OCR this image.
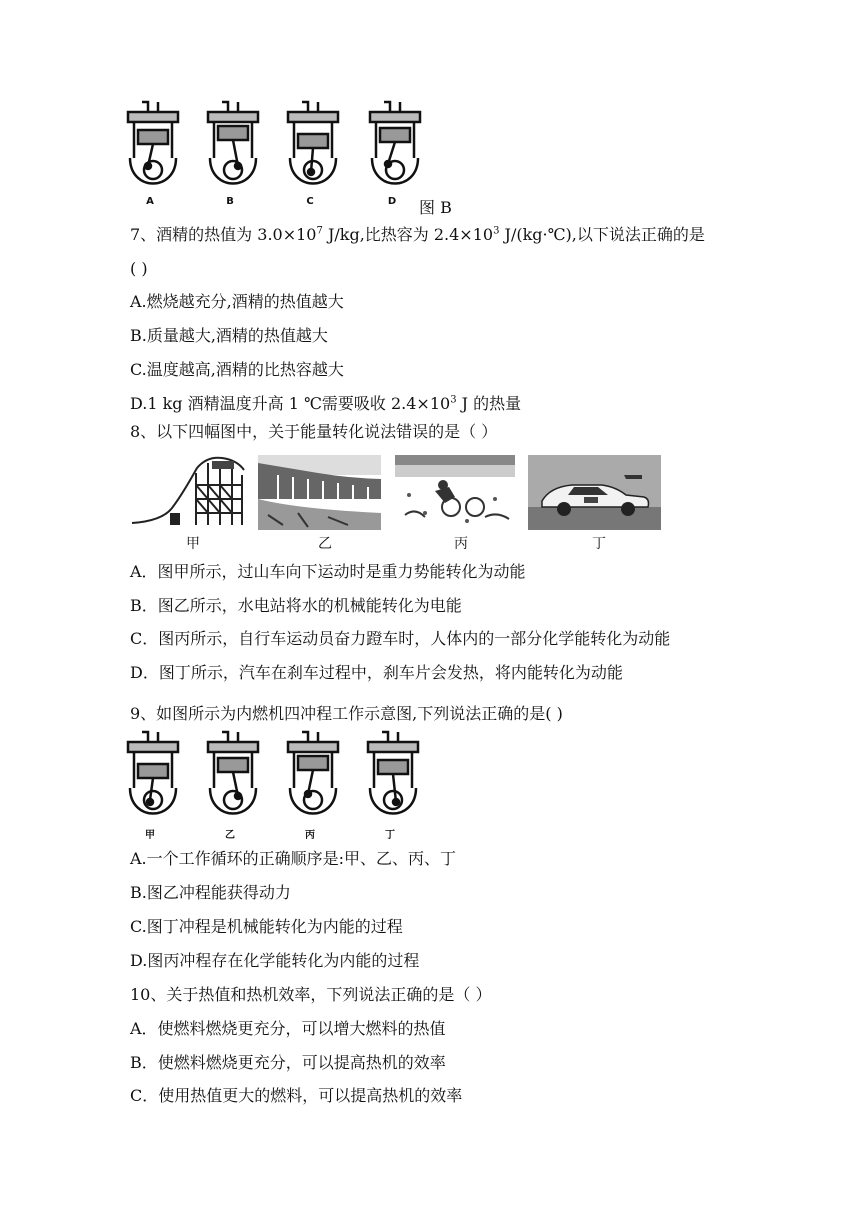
A	B	C	D	图 B
7、酒精的热值为 $3.0\times 10^7$ J/kg,比热容为 $2.4\times 10^3$ J/(kg·℃),以下说法正确的是
( )
A.燃烧越充分,酒精的热值越大
B.质量越大,酒精的热值越大
C.温度越高,酒精的比热容越大
D.1 kg 酒精温度升高 1 ℃需要吸收 $2.4\times 10^3$ J 的热量
8、以下四幅图中，关于能量转化说法错误的是（ ）
甲	乙	丙	丁
A．图甲所示，过山车向下运动时是重力势能转化为动能
B．图乙所示，水电站将水的机械能转化为电能
C．图丙所示，自行车运动员奋力蹬车时，人体内的一部分化学能转化为动能
D．图丁所示，汽车在刹车过程中，刹车片会发热，将内能转化为动能
9、如图所示为内燃机四冲程工作示意图,下列说法正确的是( )
甲	乙	丙	丁
A.一个工作循环的正确顺序是:甲、乙、丙、丁
B.图乙冲程能获得动力
C.图丁冲程是机械能转化为内能的过程
D.图丙冲程存在化学能转化为内能的过程
10、关于热值和热机效率，下列说法正确的是（ ）
A．使燃料燃烧更充分，可以增大燃料的热值
B．使燃料燃烧更充分，可以提高热机的效率
C．使用热值更大的燃料，可以提高热机的效率
